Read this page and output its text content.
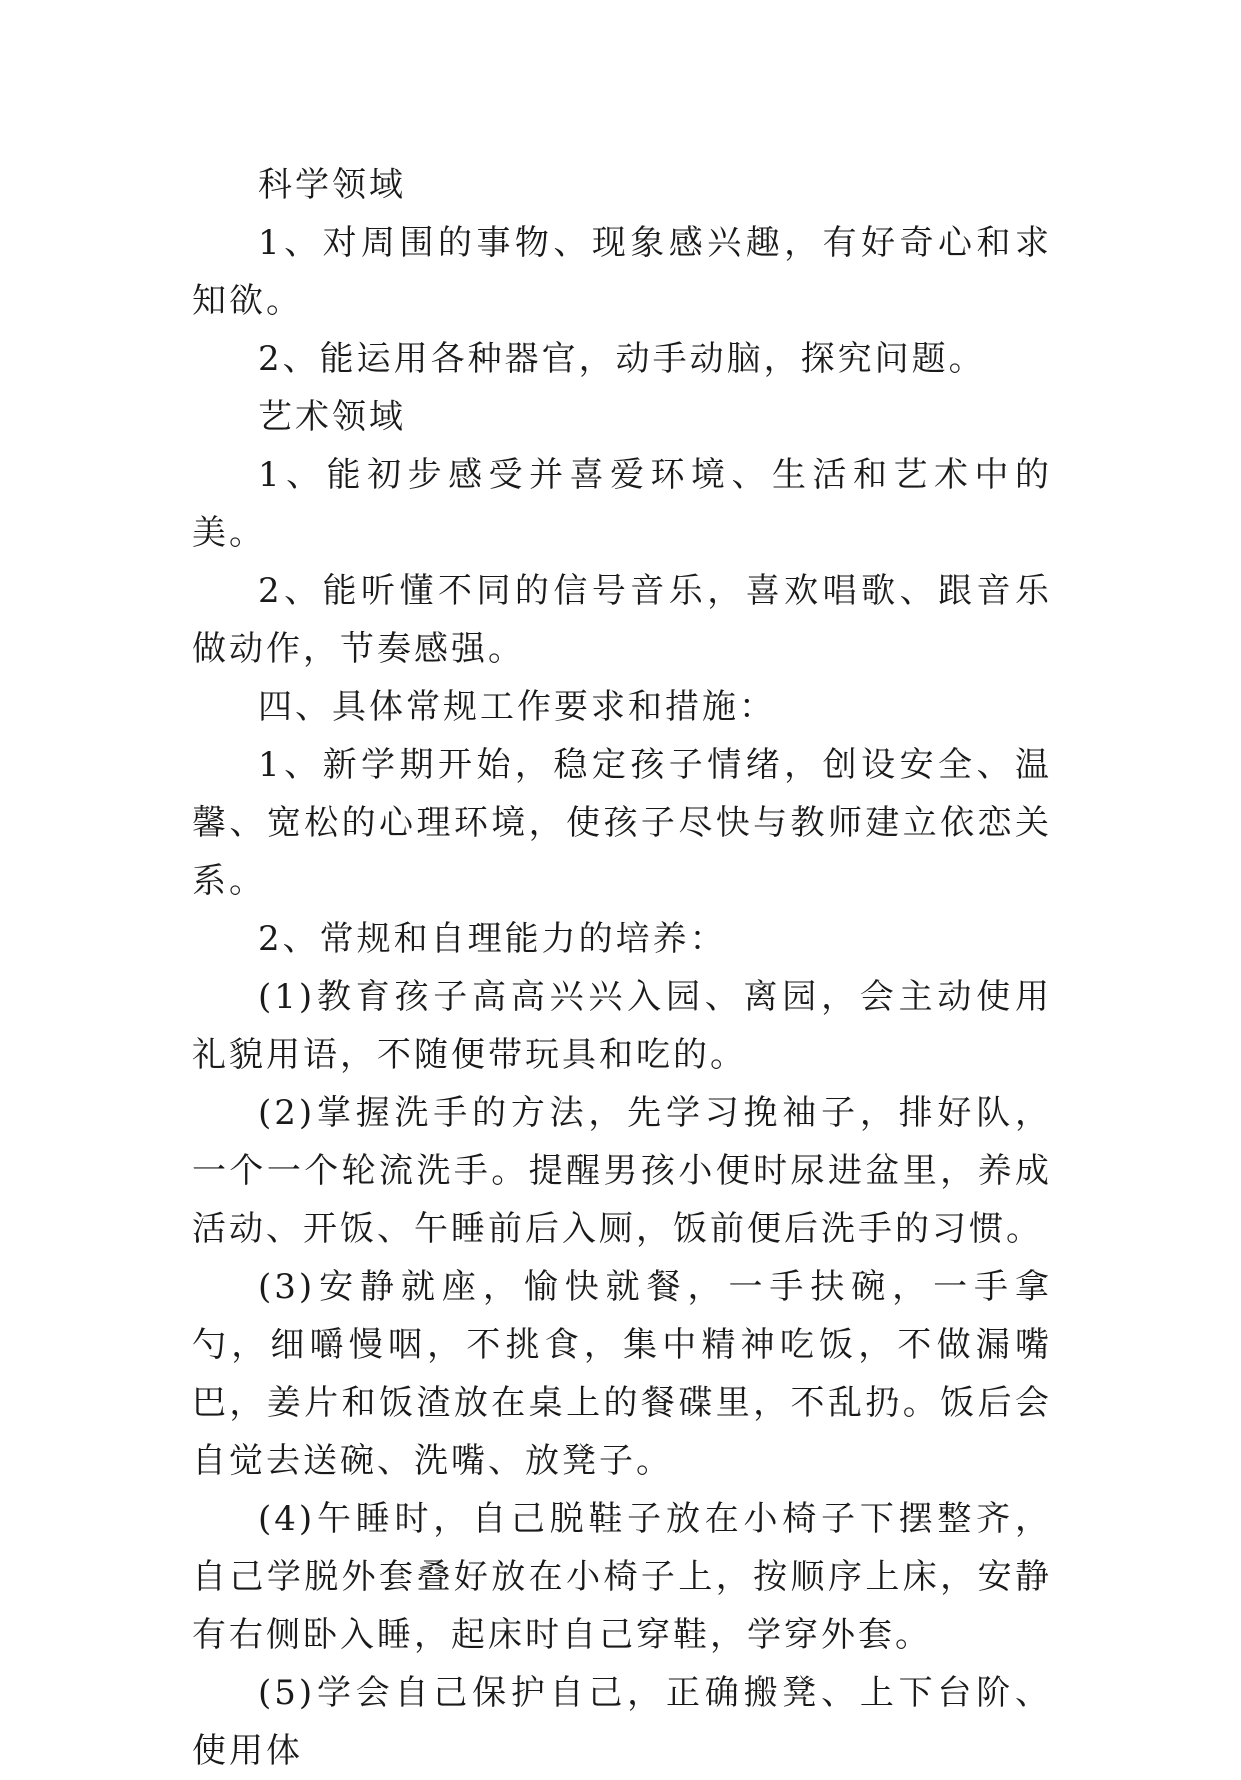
科学领域

1、对周围的事物、现象感兴趣，有好奇心和求知欲。

2、能运用各种器官，动手动脑，探究问题。

艺术领域

1、能初步感受并喜爱环境、生活和艺术中的美。

2、能听懂不同的信号音乐，喜欢唱歌、跟音乐做动作，节奏感强。

四、具体常规工作要求和措施：

1、新学期开始，稳定孩子情绪，创设安全、温馨、宽松的心理环境，使孩子尽快与教师建立依恋关系。

2、常规和自理能力的培养：

(1)教育孩子高高兴兴入园、离园，会主动使用礼貌用语，不随便带玩具和吃的。

(2)掌握洗手的方法，先学习挽袖子，排好队，一个一个轮流洗手。提醒男孩小便时尿进盆里，养成活动、开饭、午睡前后入厕，饭前便后洗手的习惯。

(3)安静就座，愉快就餐，一手扶碗，一手拿勺，细嚼慢咽，不挑食，集中精神吃饭，不做漏嘴巴，姜片和饭渣放在桌上的餐碟里，不乱扔。饭后会自觉去送碗、洗嘴、放凳子。

(4)午睡时，自己脱鞋子放在小椅子下摆整齐，自己学脱外套叠好放在小椅子上，按顺序上床，安静有右侧卧入睡，起床时自己穿鞋，学穿外套。

(5)学会自己保护自己，正确搬凳、上下台阶、使用体
